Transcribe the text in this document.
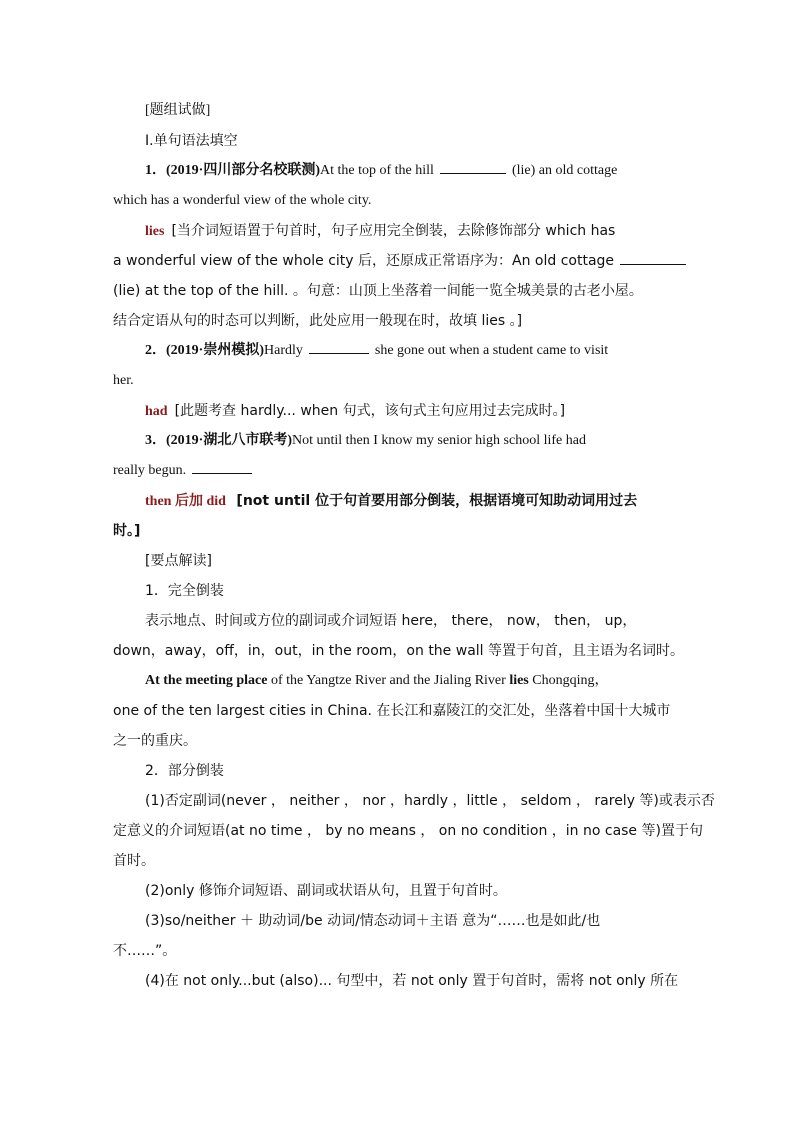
[题组试做]
Ⅰ.单句语法填空
1．(2019·四川部分名校联测)At the top of the hill	(lie) an old cottage
which has a wonderful view of the whole city.
lies [当介词短语置于句首时，句子应用完全倒装，去除修饰部分 which has
a wonderful view of the whole city 后，还原成正常语序为：An old cottage
(lie) at the top of the hill. 。句意：山顶上坐落着一间能一览全城美景的古老小屋。
结合定语从句的时态可以判断，此处应用一般现在时，故填 lies 。]
2．(2019·崇州模拟)Hardly	she gone out when a student came to visit
her.
had [此题考查 hardly... when 句式，该句式主句应用过去完成时。]
3．(2019·湖北八市联考)Not until then I know my senior high school life had
really begun.
then 后加 did [not until 位于句首要用部分倒装，根据语境可知助动词用过去
时。]
[要点解读]
1．完全倒装
表示地点、时间或方位的副词或介词短语 here， there， now， then， up，
down，away，off，in，out，in the room，on the wall 等置于句首，且主语为名词时。
At the meeting place of the Yangtze River and the Jialing River lies Chongqing，
one of the ten largest cities in China. 在长江和嘉陵江的交汇处，坐落着中国十大城市
之一的重庆。
2．部分倒装
(1)否定副词(never ， neither ， nor ，hardly ，little ， seldom ， rarely 等)或表示否
定意义的介词短语(at no time ， by no means ， on no condition ，in no case 等)置于句
首时。
(2)only 修饰介词短语、副词或状语从句，且置于句首时。
(3)so/neither ＋ 助动词/be 动词/情态动词＋主语 意为“……也是如此/也
不……”。
(4)在 not only...but (also)... 句型中，若 not only 置于句首时，需将 not only 所在
